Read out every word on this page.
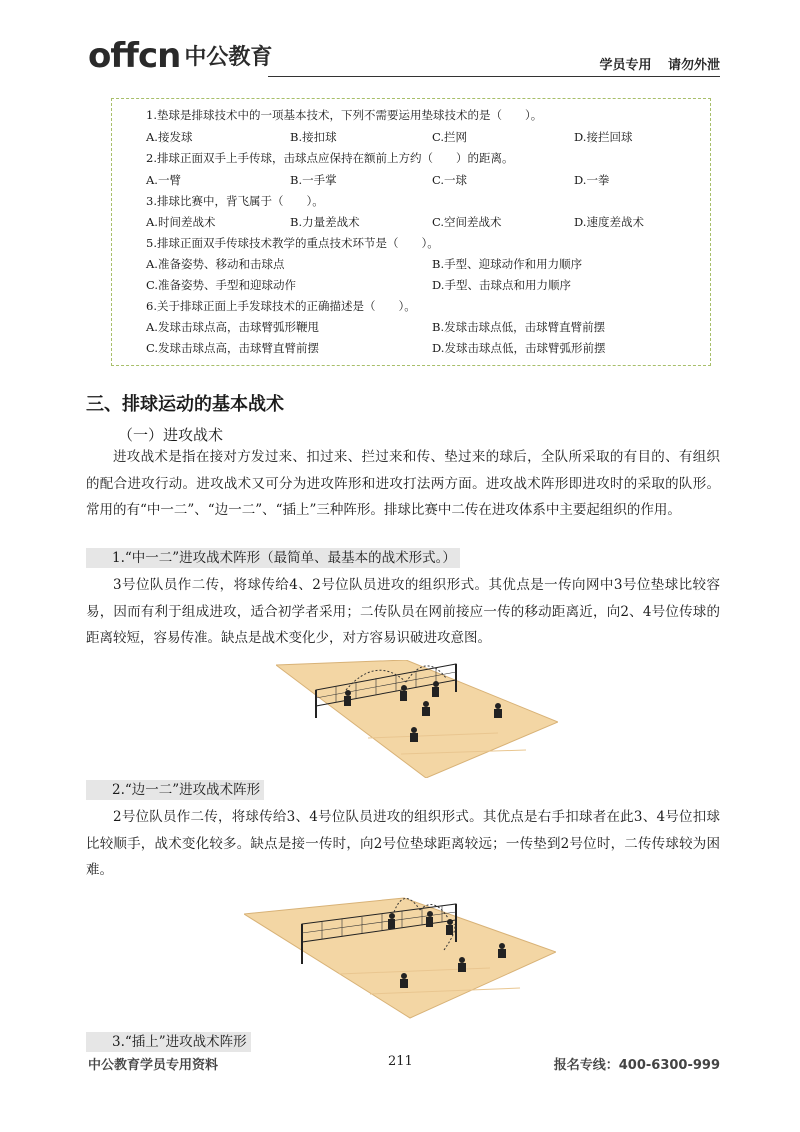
offcn 中公教育	学员专用 请勿外泄
1.垫球是排球技术中的一项基本技术，下列不需要运用垫球技术的是（　　）。
A.接发球	B.接扣球	C.拦网	D.接拦回球
2.排球正面双手上手传球，击球点应保持在额前上方约（　　）的距离。
A.一臂	B.一手掌	C.一球	D.一拳
3.排球比赛中，背飞属于（　　）。
A.时间差战术	B.力量差战术	C.空间差战术	D.速度差战术
5.排球正面双手传球技术教学的重点技术环节是（　　）。
A.准备姿势、移动和击球点	B.手型、迎球动作和用力顺序
C.准备姿势、手型和迎球动作	D.手型、击球点和用力顺序
6.关于排球正面上手发球技术的正确描述是（　　）。
A.发球击球点高，击球臂弧形鞭甩	B.发球击球点低，击球臂直臂前摆
C.发球击球点高，击球臂直臂前摆	D.发球击球点低，击球臂弧形前摆
三、排球运动的基本战术
（一）进攻战术

进攻战术是指在接对方发过来、扣过来、拦过来和传、垫过来的球后，全队所采取的有目的、有组织的配合进攻行动。进攻战术又可分为进攻阵形和进攻打法两方面。进攻战术阵形即进攻时的采取的队形。常用的有“中一二”、“边一二”、“插上”三种阵形。排球比赛中二传在进攻体系中主要起组织的作用。

1.“中一二”进攻战术阵形（最简单、最基本的战术形式。）

3号位队员作二传，将球传给4、2号位队员进攻的组织形式。其优点是一传向网中3号位垫球比较容易，因而有利于组成进攻，适合初学者采用；二传队员在网前接应一传的移动距离近，向2、4号位传球的距离较短，容易传准。缺点是战术变化少，对方容易识破进攻意图。

2.“边一二”进攻战术阵形

2号位队员作二传，将球传给3、4号位队员进攻的组织形式。其优点是右手扣球者在此3、4号位扣球比较顺手，战术变化较多。缺点是接一传时，向2号位垫球距离较远；一传垫到2号位时，二传传球较为困难。

3.“插上”进攻战术阵形
中公教育学员专用资料	211	报名专线：400-6300-999
